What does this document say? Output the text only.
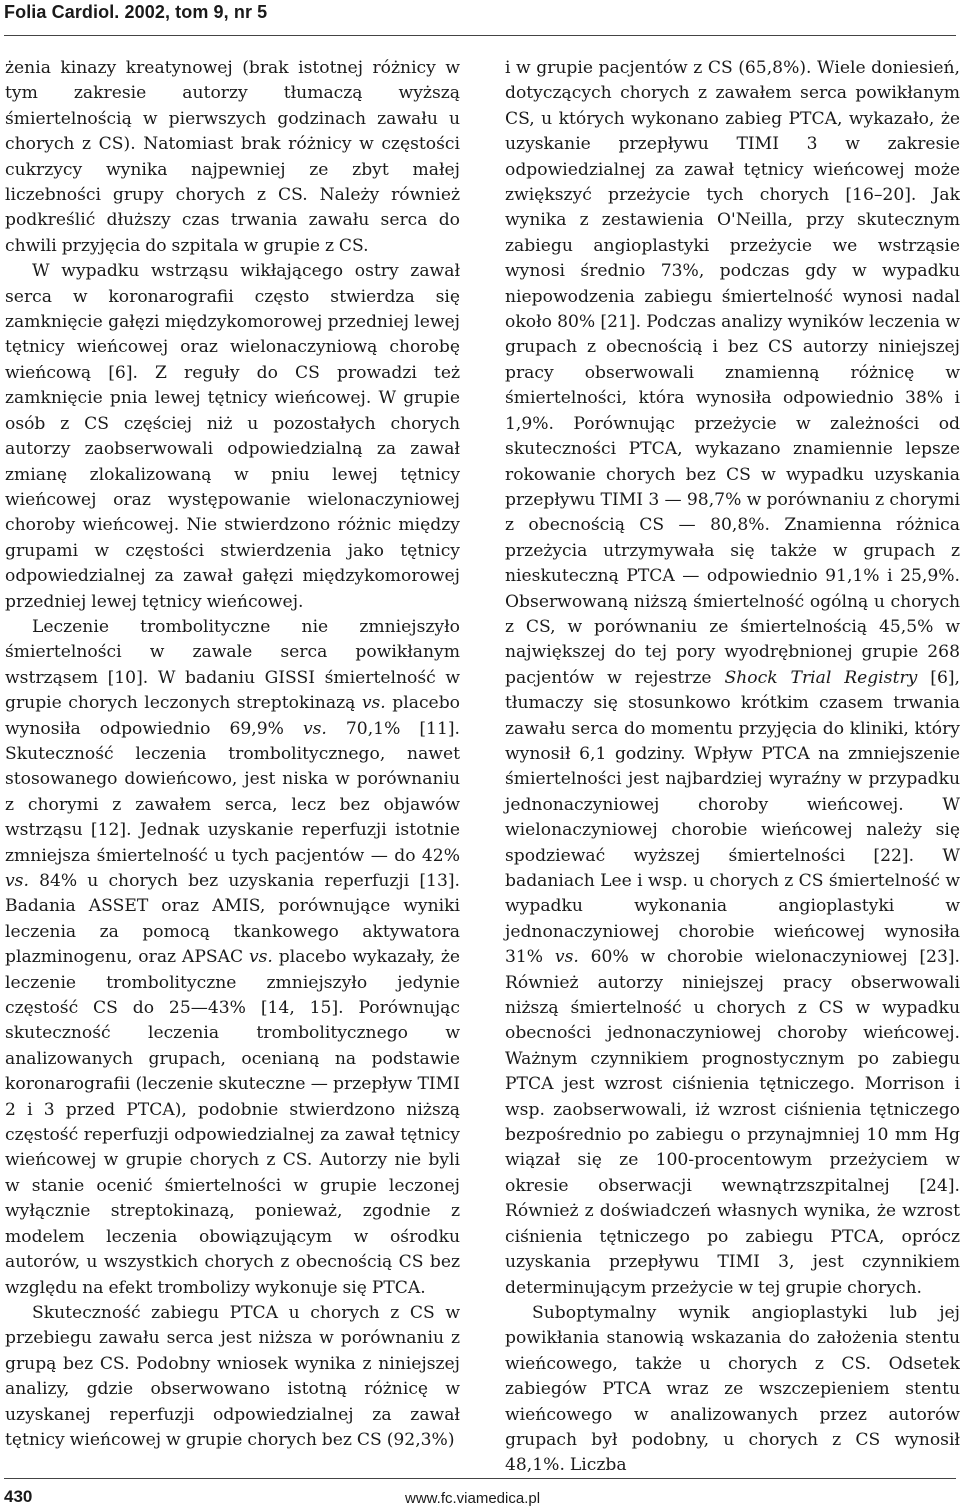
Folia Cardiol. 2002, tom 9, nr 5

żenia kinazy kreatynowej (brak istotnej różnicy w tym zakresie autorzy tłumaczą wyższą śmiertelnością w pierwszych godzinach zawału u chorych z CS). Natomiast brak różnicy w częstości cukrzycy wynika najpewniej ze zbyt małej liczebności grupy chorych z CS. Należy również podkreślić dłuższy czas trwania zawału serca do chwili przyjęcia do szpitala w grupie z CS.

W wypadku wstrząsu wikłającego ostry zawał serca w koronarografii często stwierdza się zamknięcie gałęzi międzykomorowej przedniej lewej tętnicy wieńcowej oraz wielonaczyniową chorobę wieńcową [6]. Z reguły do CS prowadzi też zamknięcie pnia lewej tętnicy wieńcowej. W grupie osób z CS częściej niż u pozostałych chorych autorzy zaobserwowali odpowiedzialną za zawał zmianę zlokalizowaną w pniu lewej tętnicy wieńcowej oraz występowanie wielonaczyniowej choroby wieńcowej. Nie stwierdzono różnic między grupami w częstości stwierdzenia jako tętnicy odpowiedzialnej za zawał gałęzi międzykomorowej przedniej lewej tętnicy wieńcowej.

Leczenie trombolityczne nie zmniejszyło śmiertelności w zawale serca powikłanym wstrząsem [10]. W badaniu GISSI śmiertelność w grupie chorych leczonych streptokinazą vs. placebo wynosiła odpowiednio 69,9% vs. 70,1% [11]. Skuteczność leczenia trombolitycznego, nawet stosowanego dowieńcowo, jest niska w porównaniu z chorymi z zawałem serca, lecz bez objawów wstrząsu [12]. Jednak uzyskanie reperfuzji istotnie zmniejsza śmiertelność u tych pacjentów — do 42% vs. 84% u chorych bez uzyskania reperfuzji [13]. Badania ASSET oraz AMIS, porównujące wyniki leczenia za pomocą tkankowego aktywatora plazminogenu, oraz APSAC vs. placebo wykazały, że leczenie trombolityczne zmniejszyło jedynie częstość CS do 25—43% [14, 15]. Porównując skuteczność leczenia trombolitycznego w analizowanych grupach, ocenianą na podstawie koronarografii (leczenie skuteczne — przepływ TIMI 2 i 3 przed PTCA), podobnie stwierdzono niższą częstość reperfuzji odpowiedzialnej za zawał tętnicy wieńcowej w grupie chorych z CS. Autorzy nie byli w stanie ocenić śmiertelności w grupie leczonej wyłącznie streptokinazą, ponieważ, zgodnie z modelem leczenia obowiązującym w ośrodku autorów, u wszystkich chorych z obecnością CS bez względu na efekt trombolizy wykonuje się PTCA.

Skuteczność zabiegu PTCA u chorych z CS w przebiegu zawału serca jest niższa w porównaniu z grupą bez CS. Podobny wniosek wynika z niniejszej analizy, gdzie obserwowano istotną różnicę w uzyskanej reperfuzji odpowiedzialnej za zawał tętnicy wieńcowej w grupie chorych bez CS (92,3%)

i w grupie pacjentów z CS (65,8%). Wiele doniesień, dotyczących chorych z zawałem serca powikłanym CS, u których wykonano zabieg PTCA, wykazało, że uzyskanie przepływu TIMI 3 w zakresie odpowiedzialnej za zawał tętnicy wieńcowej może zwiększyć przeżycie tych chorych [16–20]. Jak wynika z zestawienia O'Neilla, przy skutecznym zabiegu angioplastyki przeżycie we wstrząsie wynosi średnio 73%, podczas gdy w wypadku niepowodzenia zabiegu śmiertelność wynosi nadal około 80% [21]. Podczas analizy wyników leczenia w grupach z obecnością i bez CS autorzy niniejszej pracy obserwowali znamienną różnicę w śmiertelności, która wynosiła odpowiednio 38% i 1,9%. Porównując przeżycie w zależności od skuteczności PTCA, wykazano znamiennie lepsze rokowanie chorych bez CS w wypadku uzyskania przepływu TIMI 3 — 98,7% w porównaniu z chorymi z obecnością CS — 80,8%. Znamienna różnica przeżycia utrzymywała się także w grupach z nieskuteczną PTCA — odpowiednio 91,1% i 25,9%. Obserwowaną niższą śmiertelność ogólną u chorych z CS, w porównaniu ze śmiertelnością 45,5% w największej do tej pory wyodrębnionej grupie 268 pacjentów w rejestrze Shock Trial Registry [6], tłumaczy się stosunkowo krótkim czasem trwania zawału serca do momentu przyjęcia do kliniki, który wynosił 6,1 godziny. Wpływ PTCA na zmniejszenie śmiertelności jest najbardziej wyraźny w przypadku jednonaczyniowej choroby wieńcowej. W wielonaczyniowej chorobie wieńcowej należy się spodziewać wyższej śmiertelności [22]. W badaniach Lee i wsp. u chorych z CS śmiertelność w wypadku wykonania angioplastyki w jednonaczyniowej chorobie wieńcowej wynosiła 31% vs. 60% w chorobie wielonaczyniowej [23]. Również autorzy niniejszej pracy obserwowali niższą śmiertelność u chorych z CS w wypadku obecności jednonaczyniowej choroby wieńcowej. Ważnym czynnikiem prognostycznym po zabiegu PTCA jest wzrost ciśnienia tętniczego. Morrison i wsp. zaobserwowali, iż wzrost ciśnienia tętniczego bezpośrednio po zabiegu o przynajmniej 10 mm Hg wiązał się ze 100-procentowym przeżyciem w okresie obserwacji wewnątrzszpitalnej [24]. Również z doświadczeń własnych wynika, że wzrost ciśnienia tętniczego po zabiegu PTCA, oprócz uzyskania przepływu TIMI 3, jest czynnikiem determinującym przeżycie w tej grupie chorych.

Suboptymalny wynik angioplastyki lub jej powikłania stanowią wskazania do założenia stentu wieńcowego, także u chorych z CS. Odsetek zabiegów PTCA wraz ze wszczepieniem stentu wieńcowego w analizowanych przez autorów grupach był podobny, u chorych z CS wynosił 48,1%. Liczba

430	www.fc.viamedica.pl
